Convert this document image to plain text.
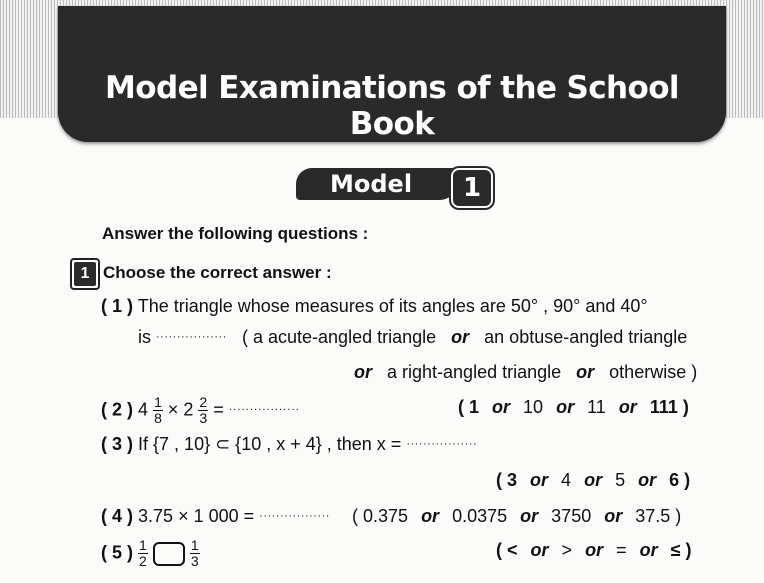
Model Examinations of the School Book
Model	1
Answer the following questions :
1 Choose the correct answer :
( 1 ) The triangle whose measures of its angles are 50° , 90° and 40°
is ················· ( a acute-angled triangle or an obtuse-angled triangle
or a right-angled triangle or otherwise )
( 2 ) $4 \frac{1}{8} \times 2 \frac{2}{3}$ = ·················	( 1 or 10 or 11 or 111 )
( 3 ) If {7 , 10} ⊂ {10 , x + 4} , then x = ·················
( 3 or 4 or 5 or 6 )
( 4 ) 3.75 × 1 000 = ················· ( 0.375 or 0.0375 or 3750 or 37.5 )
( 5 ) $\frac{1}{2}$
	$\frac{1}{3}$	( < or > or = or ≤ )
